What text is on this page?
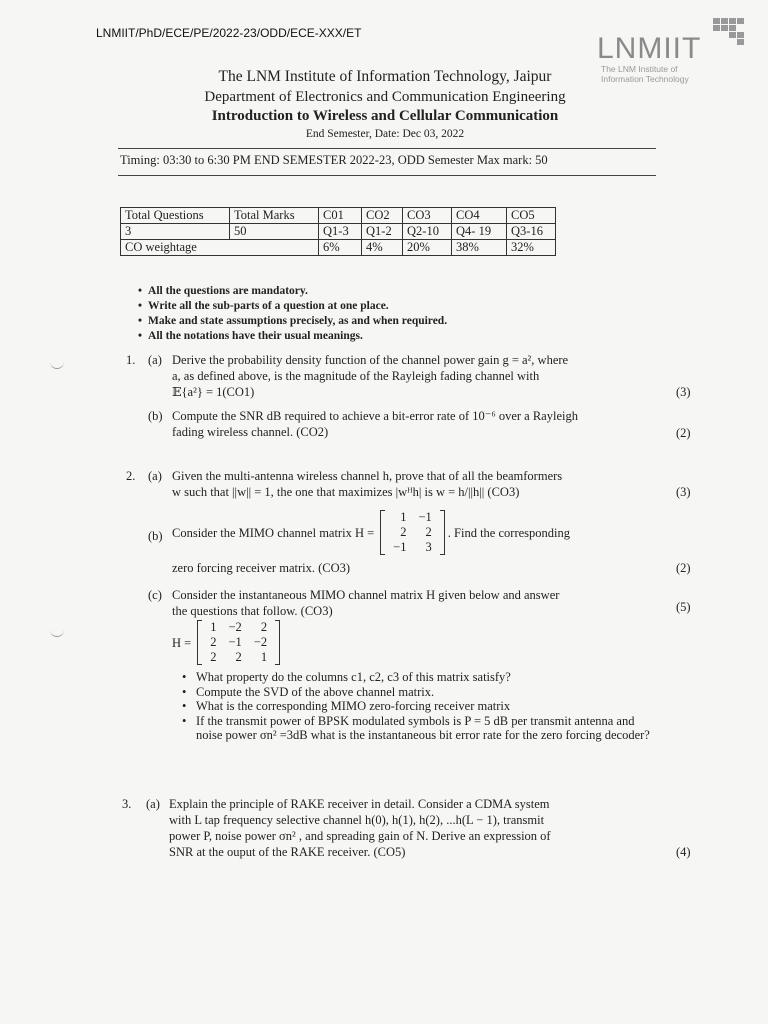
LNMIIT/PhD/ECE/PE/2022-23/ODD/ECE-XXX/ET	LNMIIT
The LNM Institute of
Information Technology
The LNM Institute of Information Technology, Jaipur
Department of Electronics and Communication Engineering
Introduction to Wireless and Cellular Communication
End Semester, Date: Dec 03, 2022
Timing: 03:30 to 6:30 PM END SEMESTER 2022-23, ODD Semester Max mark: 50
Total Questions	Total Marks	C01	CO2	CO3	CO4	CO5
3	50	Q1-3	Q1-2	Q2-10	Q4- 19	Q3-16
CO weightage		6%	4%	20%	38%	32%
• All the questions are mandatory.
• Write all the sub-parts of a question at one place.
• Make and state assumptions precisely, as and when required.
• All the notations have their usual meanings.
1. (a) Derive the probability density function of the channel power gain g = a², where
a, as defined above, is the magnitude of the Rayleigh fading channel with
𝔼{a²} = 1(CO1)	(3)
(b) Compute the SNR dB required to achieve a bit-error rate of 10⁻⁶ over a Rayleigh
fading wireless channel. (CO2)	(2)
2. (a) Given the multi-antenna wireless channel h, prove that of all the beamformers
w such that ||w|| = 1, the one that maximizes |wᴴh| is w = h/||h|| (CO3)	(3)
(b) Consider the MIMO channel matrix H =
1	−1
2	2
−1	3
. Find the corresponding
zero forcing receiver matrix. (CO3)	(2)
(c) Consider the instantaneous MIMO channel matrix H given below and answer
the questions that follow. (CO3)	(5)
H =
1	−2	2
2	−1	−2
2	2	1
• What property do the columns c1, c2, c3 of this matrix satisfy?
• Compute the SVD of the above channel matrix.
• What is the corresponding MIMO zero-forcing receiver matrix
• If the transmit power of BPSK modulated symbols is P = 5 dB per transmit antenna and noise power σn² =3dB what is the instantaneous bit error rate for the zero forcing decoder?
3. (a) Explain the principle of RAKE receiver in detail. Consider a CDMA system
with L tap frequency selective channel h(0), h(1), h(2), ...h(L − 1), transmit
power P, noise power σn² , and spreading gain of N. Derive an expression of
SNR at the ouput of the RAKE receiver. (CO5)	(4)
